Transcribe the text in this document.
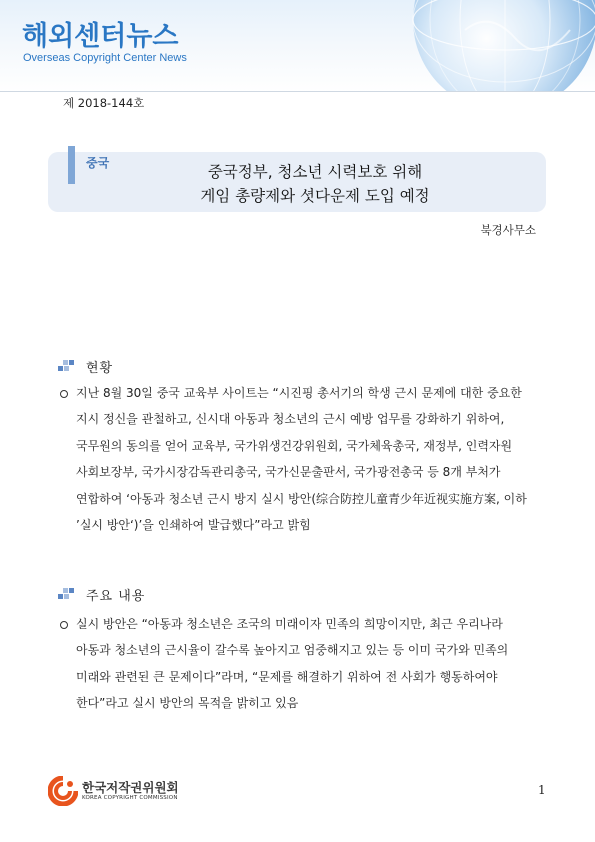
해외센터뉴스
Overseas Copyright Center News
제 2018-144호
중국	중국정부, 청소년 시력보호 위해
게임 총량제와 셧다운제 도입 예정
북경사무소
현황
지난 8월 30일 중국 교육부 사이트는 “시진핑 총서기의 학생 근시 문제에 대한 중요한
지시 정신을 관철하고, 신시대 아동과 청소년의 근시 예방 업무를 강화하기 위하여,
국무원의 동의를 얻어 교육부, 국가위생건강위원회, 국가체육총국, 재정부, 인력자원
사회보장부, 국가시장감독관리총국, 국가신문출판서, 국가광전총국 등 8개 부처가
연합하여 ‘아동과 청소년 근시 방지 실시 방안(综合防控儿童青少年近视实施方案, 이하
’실시 방안‘)’을 인쇄하여 발급했다”라고 밝힘
주요 내용
실시 방안은 “아동과 청소년은 조국의 미래이자 민족의 희망이지만, 최근 우리나라
아동과 청소년의 근시율이 갈수록 높아지고 엄중해지고 있는 등 이미 국가와 민족의
미래와 관련된 큰 문제이다”라며, “문제를 해결하기 위하여 전 사회가 행동하여야
한다”라고 실시 방안의 목적을 밝히고 있음
한국저작권위원회
KOREA COPYRIGHT COMMISSION
1
